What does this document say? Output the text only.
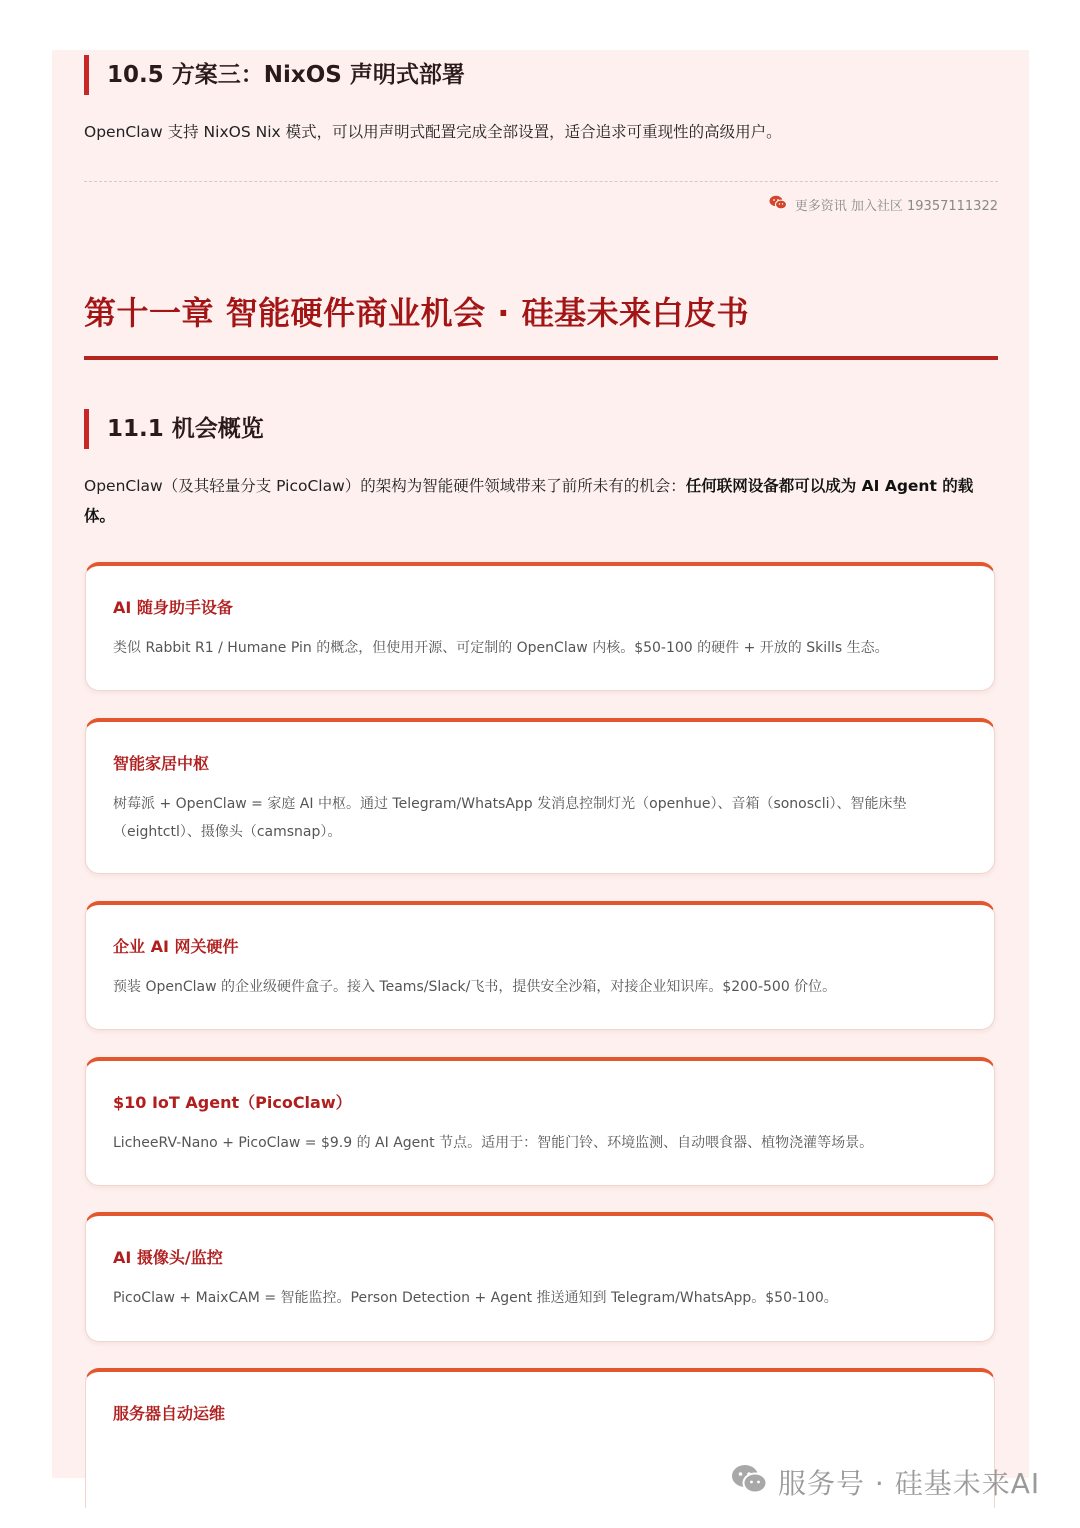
10.5 方案三：NixOS 声明式部署
OpenClaw 支持 NixOS Nix 模式，可以用声明式配置完成全部设置，适合追求可重现性的高级用户。
更多资讯 加入社区 19357111322
第十一章 智能硬件商业机会 · 硅基未来白皮书
11.1 机会概览
OpenClaw（及其轻量分支 PicoClaw）的架构为智能硬件领域带来了前所未有的机会：任何联网设备都可以成为 AI Agent 的载体。
AI 随身助手设备
类似 Rabbit R1 / Humane Pin 的概念，但使用开源、可定制的 OpenClaw 内核。$50-100 的硬件 + 开放的 Skills 生态。
智能家居中枢
树莓派 + OpenClaw = 家庭 AI 中枢。通过 Telegram/WhatsApp 发消息控制灯光（openhue）、音箱（sonoscli）、智能床垫（eightctl）、摄像头（camsnap）。
企业 AI 网关硬件
预装 OpenClaw 的企业级硬件盒子。接入 Teams/Slack/飞书，提供安全沙箱，对接企业知识库。$200-500 价位。
$10 IoT Agent（PicoClaw）
LicheeRV-Nano + PicoClaw = $9.9 的 AI Agent 节点。适用于：智能门铃、环境监测、自动喂食器、植物浇灌等场景。
AI 摄像头/监控
PicoClaw + MaixCAM = 智能监控。Person Detection + Agent 推送通知到 Telegram/WhatsApp。$50-100。
服务器自动运维
服务号 · 硅基未来AI
